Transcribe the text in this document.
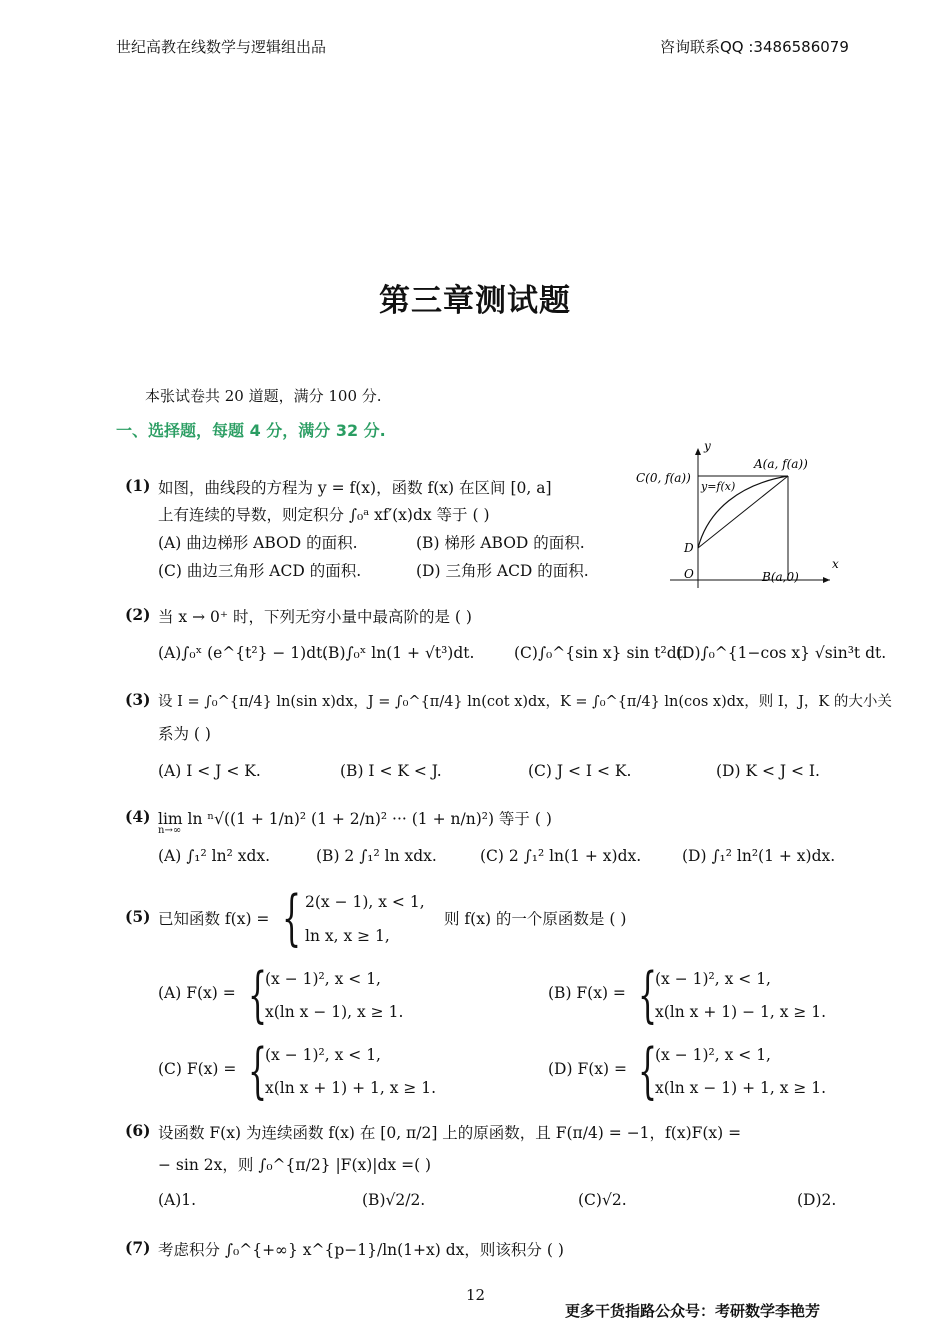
世纪高教在线数学与逻辑组出品	咨询联系QQ :3486586079
第三章测试题
本张试卷共 20 道题，满分 100 分.
一、选择题，每题 4 分，满分 32 分.
y
x
O
D
A(a, f(a))
C(0, f(a))
B(a,0)
y=f(x)
(1) 如图，曲线段的方程为 y = f(x)，函数 f(x) 在区间 [0, a]
上有连续的导数，则定积分 ∫₀ᵃ xf′(x)dx 等于 ( )
(A) 曲边梯形 ABOD 的面积.	(B) 梯形 ABOD 的面积.
(C) 曲边三角形 ACD 的面积.	(D) 三角形 ACD 的面积.
(2) 当 x → 0⁺ 时，下列无穷小量中最高阶的是 ( )
(A)∫₀ˣ (e^{t²} − 1)dt.
(B)∫₀ˣ ln(1 + √t³)dt.	(C)∫₀^{sin x} sin t²dt.
(D)∫₀^{1−cos x} √sin³t dt.
(3) 设 I = ∫₀^{π/4} ln(sin x)dx，J = ∫₀^{π/4} ln(cot x)dx，K = ∫₀^{π/4} ln(cos x)dx，则 I，J，K 的大小关
系为 ( )
(A) I < J < K.	(B) I < K < J.	(C) J < I < K.	(D) K < J < I.
(4) lim ln ⁿ√((1 + 1/n)² (1 + 2/n)² ··· (1 + n/n)²) 等于 ( )
n→∞
(A) ∫₁² ln² xdx.	(B) 2 ∫₁² ln xdx.	(C) 2 ∫₁² ln(1 + x)dx.	(D) ∫₁² ln²(1 + x)dx.
(5) 已知函数 f(x) = { 2(x − 1), x < 1,
ln x, x ≥ 1,
则 f(x) 的一个原函数是 ( )
(A) F(x) = {
(x − 1)², x < 1,
x(ln x − 1), x ≥ 1.
(B) F(x) = {
(x − 1)², x < 1,
x(ln x + 1) − 1, x ≥ 1.
(C) F(x) = {
(x − 1)², x < 1,
x(ln x + 1) + 1, x ≥ 1.
(D) F(x) = {
(x − 1)², x < 1,
x(ln x − 1) + 1, x ≥ 1.
(6) 设函数 F(x) 为连续函数 f(x) 在 [0, π/2] 上的原函数，且 F(π/4) = −1，f(x)F(x) =
− sin 2x，则 ∫₀^{π/2} |F(x)|dx =( )
(A)1.	(B)√2/2.	(C)√2.	(D)2.
(7) 考虑积分 ∫₀^{+∞} x^{p−1}/ln(1+x) dx，则该积分 ( )
12
更多干货指路公众号：考研数学李艳芳
